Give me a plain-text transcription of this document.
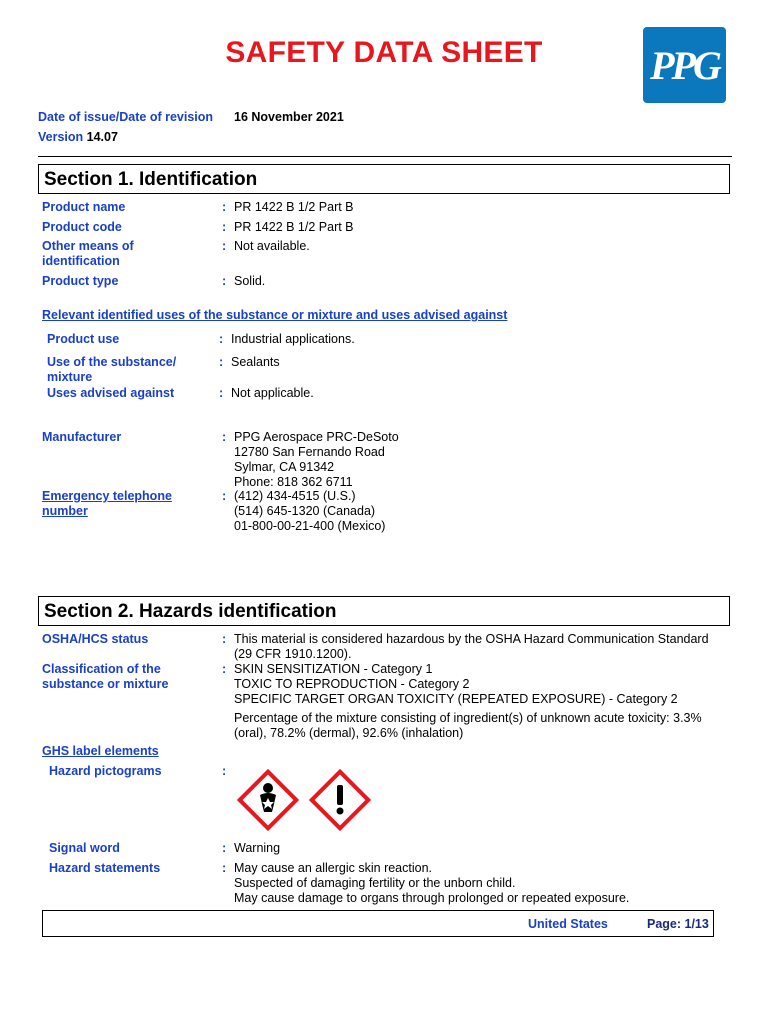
SAFETY DATA SHEET	PPG
Date of issue/Date of revision 16 November 2021
Version 14.07
Section 1. Identification
Product name	: PR 1422 B 1/2 Part B
Product code	: PR 1422 B 1/2 Part B
Other means of identification
: Not available.
Product type	: Solid.
Relevant identified uses of the substance or mixture and uses advised against
Product use	: Industrial applications.
Use of the substance/ mixture
: Sealants
Uses advised against	: Not applicable.
Manufacturer	: PPG Aerospace PRC-DeSoto
12780 San Fernando Road
Sylmar, CA 91342
Phone: 818 362 6711
Emergency telephone number
: (412) 434-4515 (U.S.)
(514) 645-1320 (Canada)
01-800-00-21-400 (Mexico)
Section 2. Hazards identification
OSHA/HCS status	: This material is considered hazardous by the OSHA Hazard Communication Standard
(29 CFR 1910.1200).
Classification of the substance or mixture
: SKIN SENSITIZATION - Category 1
TOXIC TO REPRODUCTION - Category 2
SPECIFIC TARGET ORGAN TOXICITY (REPEATED EXPOSURE) - Category 2
Percentage of the mixture consisting of ingredient(s) of unknown acute toxicity: 3.3%
(oral), 78.2% (dermal), 92.6% (inhalation)
GHS label elements
Hazard pictograms	:
Signal word	: Warning
Hazard statements	: May cause an allergic skin reaction.
Suspected of damaging fertility or the unborn child.
May cause damage to organs through prolonged or repeated exposure.
United States	Page: 1/13
